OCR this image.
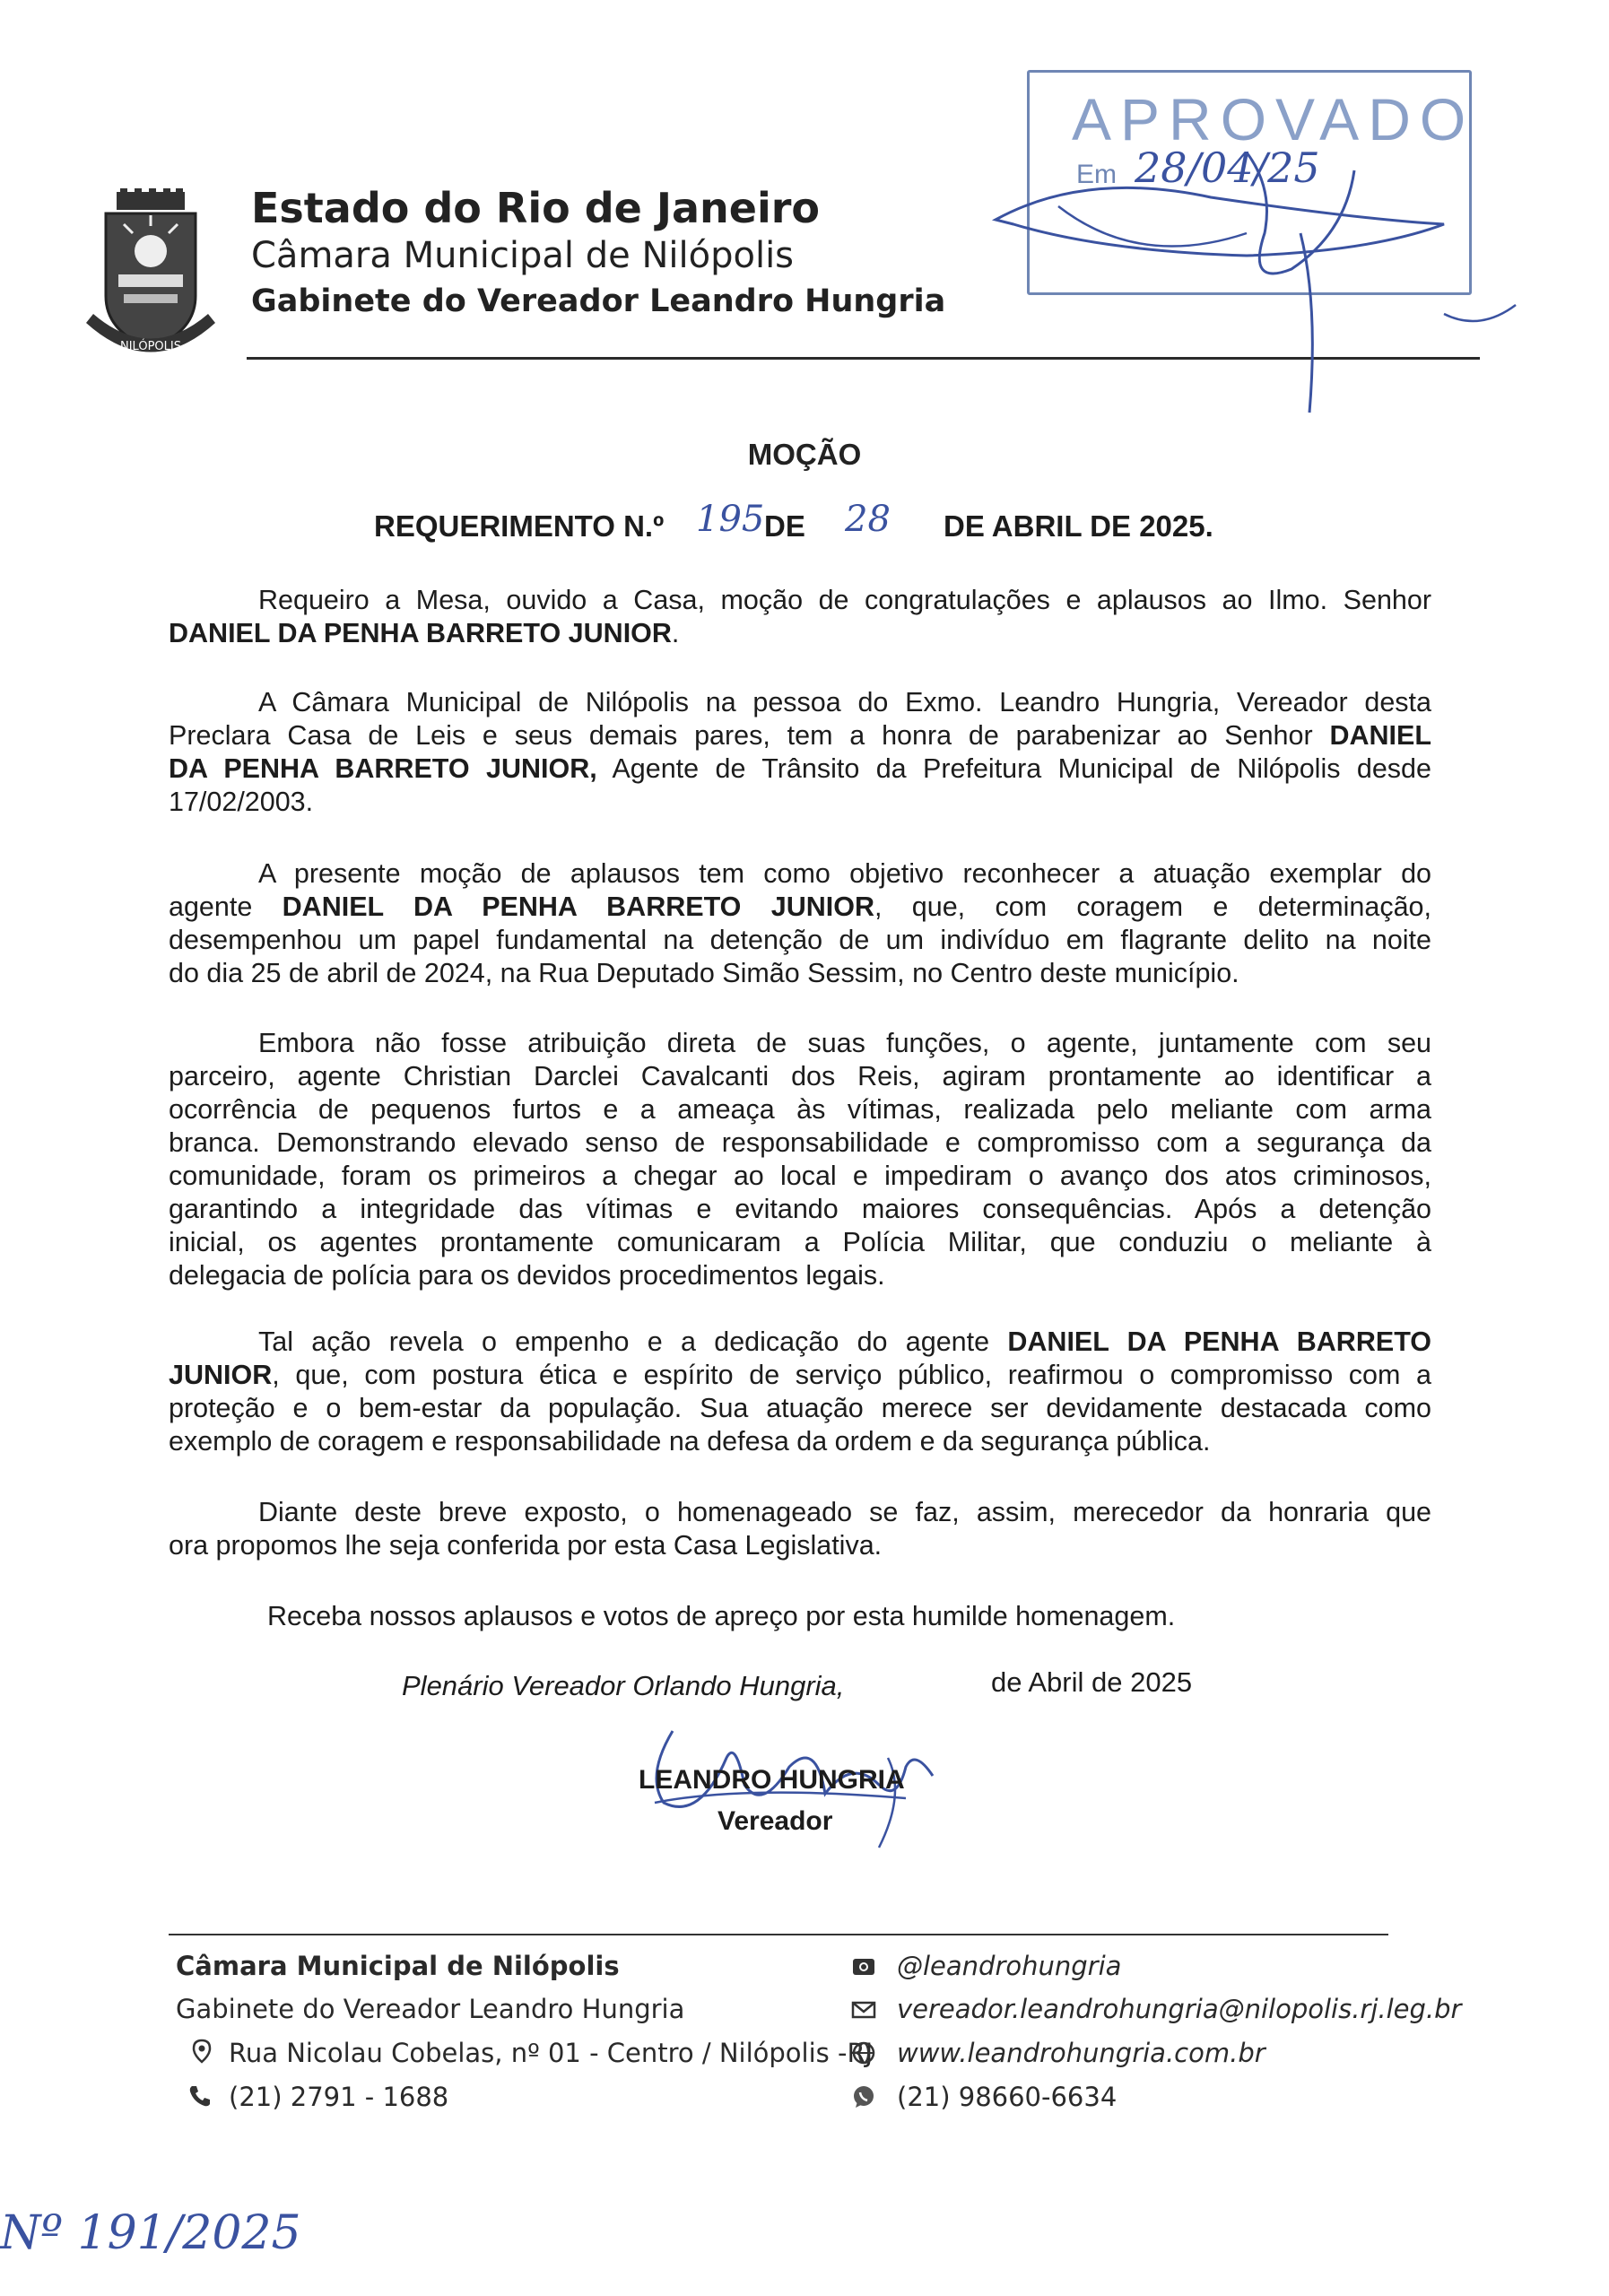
NILÓPOLIS
Estado do Rio de Janeiro
Câmara Municipal de Nilópolis
Gabinete do Vereador Leandro Hungria
APROVADO
Em 28/04/25
MOÇÃO
REQUERIMENTO N.º 195 DE 28 DE ABRIL DE 2025.
Requeiro a Mesa, ouvido a Casa, moção de congratulações e aplausos ao Ilmo. Senhor
DANIEL DA PENHA BARRETO JUNIOR.
A Câmara Municipal de Nilópolis na pessoa do Exmo. Leandro Hungria, Vereador desta
Preclara Casa de Leis e seus demais pares, tem a honra de parabenizar ao Senhor DANIEL
DA PENHA BARRETO JUNIOR, Agente de Trânsito da Prefeitura Municipal de Nilópolis desde
17/02/2003.
A presente moção de aplausos tem como objetivo reconhecer a atuação exemplar do
agente DANIEL DA PENHA BARRETO JUNIOR, que, com coragem e determinação,
desempenhou um papel fundamental na detenção de um indivíduo em flagrante delito na noite
do dia 25 de abril de 2024, na Rua Deputado Simão Sessim, no Centro deste município.
Embora não fosse atribuição direta de suas funções, o agente, juntamente com seu
parceiro, agente Christian Darclei Cavalcanti dos Reis, agiram prontamente ao identificar a
ocorrência de pequenos furtos e a ameaça às vítimas, realizada pelo meliante com arma
branca. Demonstrando elevado senso de responsabilidade e compromisso com a segurança da
comunidade, foram os primeiros a chegar ao local e impediram o avanço dos atos criminosos,
garantindo a integridade das vítimas e evitando maiores consequências. Após a detenção
inicial, os agentes prontamente comunicaram a Polícia Militar, que conduziu o meliante à
delegacia de polícia para os devidos procedimentos legais.
Tal ação revela o empenho e a dedicação do agente DANIEL DA PENHA BARRETO
JUNIOR, que, com postura ética e espírito de serviço público, reafirmou o compromisso com a
proteção e o bem-estar da população. Sua atuação merece ser devidamente destacada como
exemplo de coragem e responsabilidade na defesa da ordem e da segurança pública.
Diante deste breve exposto, o homenageado se faz, assim, merecedor da honraria que
ora propomos lhe seja conferida por esta Casa Legislativa.
Receba nossos aplausos e votos de apreço por esta humilde homenagem.
Plenário Vereador Orlando Hungria,	de Abril de 2025
LEANDRO HUNGRIA
Vereador
Câmara Municipal de Nilópolis
Gabinete do Vereador Leandro Hungria
Rua Nicolau Cobelas, nº 01 - Centro / Nilópolis -RJ
(21) 2791 - 1688
@leandrohungria
vereador.leandrohungria@nilopolis.rj.leg.br
www.leandrohungria.com.br
(21) 98660-6634
Nº 191/2025
